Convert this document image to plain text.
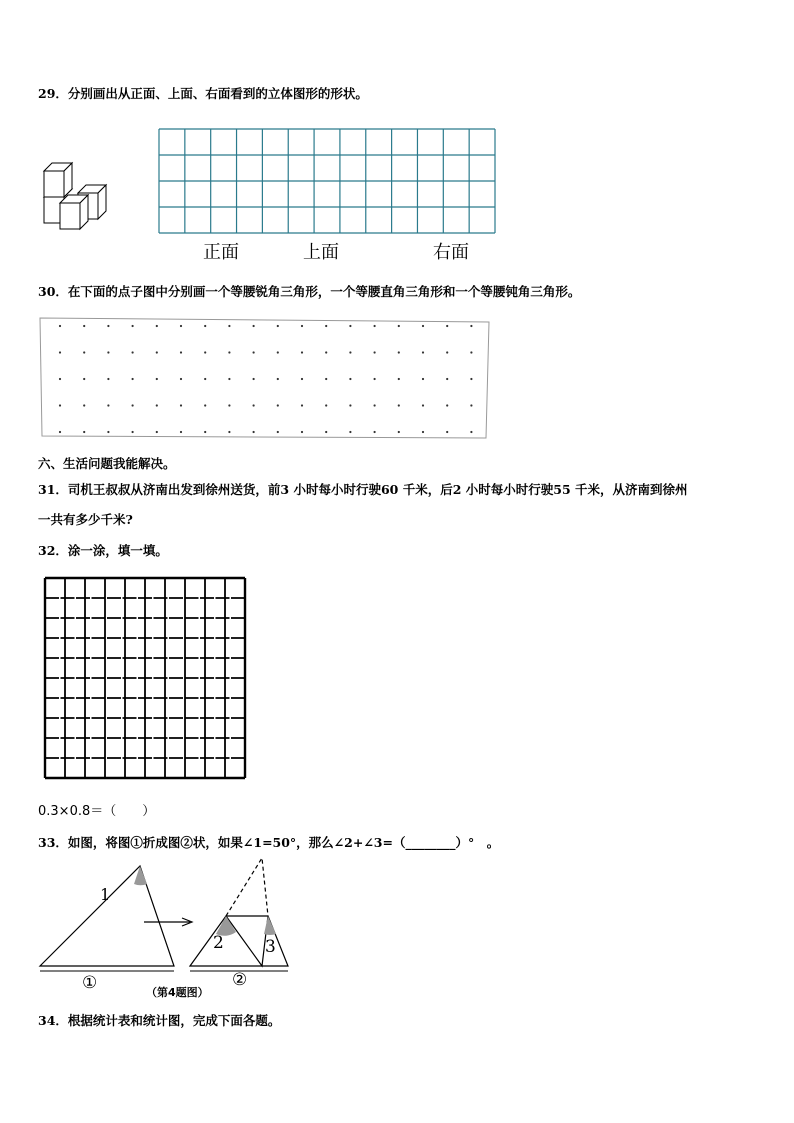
29．分别画出从正面、上面、右面看到的立体图形的形状。
正面	上面	右面
30．在下面的点子图中分别画一个等腰锐角三角形，一个等腰直角三角形和一个等腰钝角三角形。
六、生活问题我能解决。
31．司机王叔叔从济南出发到徐州送货，前3 小时每小时行驶60 千米，后2 小时每小时行驶55 千米，从济南到徐州
一共有多少千米?
32．涂一涂，填一填。
0.3×0.8＝（　　）
33．如图，将图①折成图②状，如果∠1=50°，那么∠2+∠3=（________）°　。
1
①
2 3
②
（第4题图）
34．根据统计表和统计图，完成下面各题。
